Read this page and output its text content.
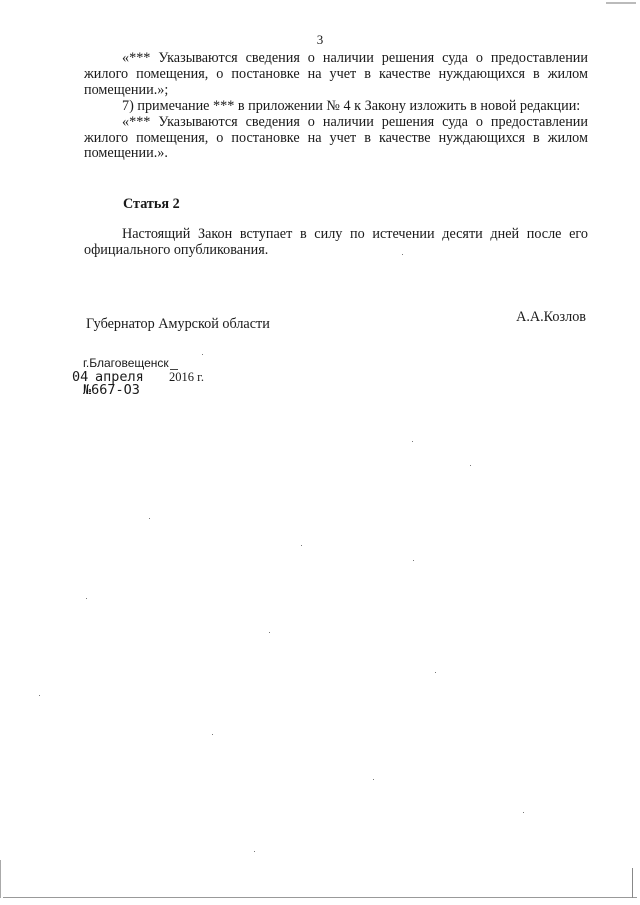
3

«*** Указываются сведения о наличии решения суда о предоставлении жилого помещения, о постановке на учет в качестве нуждающихся в жилом помещении.»;

7) примечание *** в приложении № 4 к Закону изложить в новой редакции:

«*** Указываются сведения о наличии решения суда о предоставлении жилого помещения, о постановке на учет в качестве нуждающихся в жилом помещении.».

Статья 2

Настоящий Закон вступает в силу по истечении десяти дней после его официального опубликования.

Губернатор Амурской области	А.А.Козлов
г.Благовещенск
04 апреля 2016 г.
№667-ОЗ
